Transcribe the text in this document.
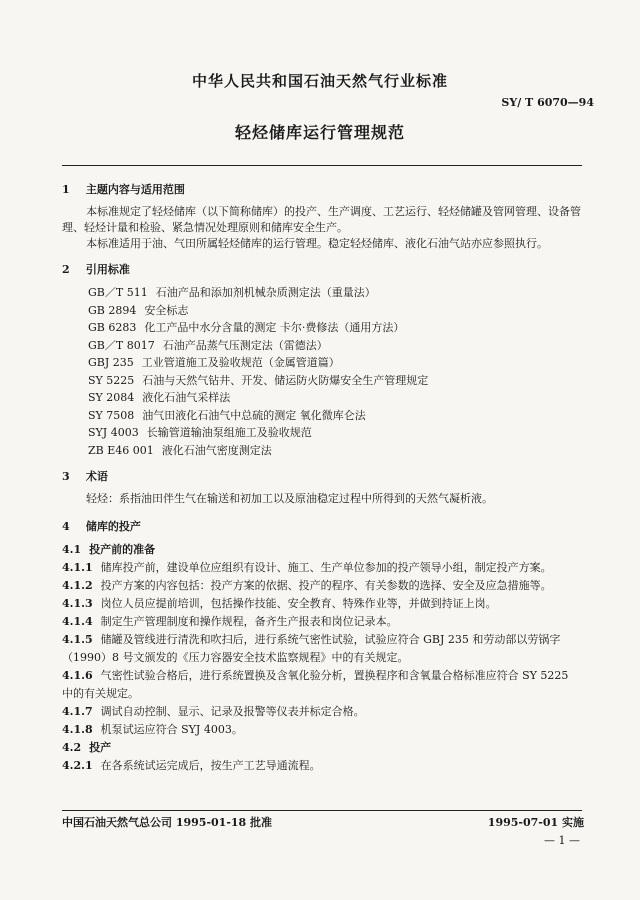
中华人民共和国石油天然气行业标准
SY/ T 6070—94
轻烃储库运行管理规范
1 主题内容与适用范围

本标准规定了轻烃储库（以下简称储库）的投产、生产调度、工艺运行、轻烃储罐及管网管理、设备管理、轻烃计量和检验、紧急情况处理原则和储库安全生产。

本标准适用于油、气田所属轻烃储库的运行管理。稳定轻烃储库、液化石油气站亦应参照执行。

2 引用标准
GB／T 511 石油产品和添加剂机械杂质测定法（重量法）
GB 2894 安全标志
GB 6283 化工产品中水分含量的测定 卡尔·费修法（通用方法）
GB／T 8017 石油产品蒸气压测定法（雷德法）
GBJ 235 工业管道施工及验收规范（金属管道篇）
SY 5225 石油与天然气钻井、开发、储运防火防爆安全生产管理规定
SY 2084 液化石油气采样法
SY 7508 油气田液化石油气中总硫的测定 氧化微库仑法
SYJ 4003 长输管道输油泵组施工及验收规范
ZB E46 001 液化石油气密度测定法
3 术语

轻烃：系指油田伴生气在输送和初加工以及原油稳定过程中所得到的天然气凝析液。

4 储库的投产
4.1 投产前的准备

4.1.1 储库投产前，建设单位应组织有设计、施工、生产单位参加的投产领导小组，制定投产方案。

4.1.2 投产方案的内容包括：投产方案的依据、投产的程序、有关参数的选择、安全及应急措施等。

4.1.3 岗位人员应提前培训，包括操作技能、安全教育、特殊作业等，并做到持证上岗。

4.1.4 制定生产管理制度和操作规程，备齐生产报表和岗位记录本。

4.1.5 储罐及管线进行清洗和吹扫后，进行系统气密性试验，试验应符合 GBJ 235 和劳动部以劳锅字（1990）8 号文颁发的《压力容器安全技术监察规程》中的有关规定。

4.1.6 气密性试验合格后，进行系统置换及含氧化验分析，置换程序和含氧量合格标准应符合 SY 5225 中的有关规定。

4.1.7 调试自动控制、显示、记录及报警等仪表并标定合格。

4.1.8 机泵试运应符合 SYJ 4003。

4.2 投产

4.2.1 在各系统试运完成后，按生产工艺导通流程。

中国石油天然气总公司 1995-01-18 批准	1995-07-01 实施
— 1 —
